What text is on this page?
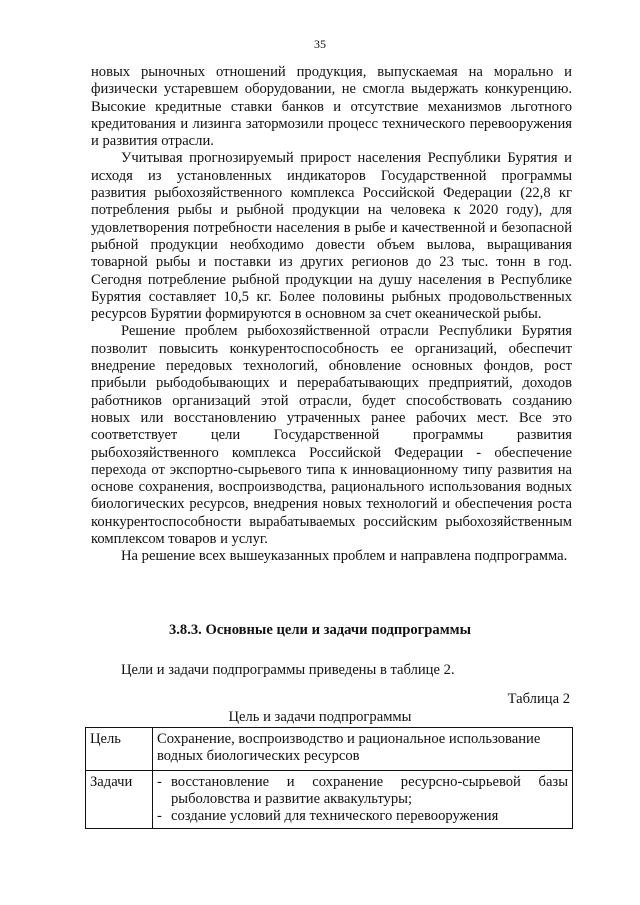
35

новых рыночных отношений продукция, выпускаемая на морально и физически устаревшем оборудовании, не смогла выдержать конкуренцию. Высокие кредитные ставки банков и отсутствие механизмов льготного кредитования и лизинга затормозили процесс технического перевооружения и развития отрасли.

Учитывая прогнозируемый прирост населения Республики Бурятия и исходя из установленных индикаторов Государственной программы развития рыбохозяйственного комплекса Российской Федерации (22,8 кг потребления рыбы и рыбной продукции на человека к 2020 году), для удовлетворения потребности населения в рыбе и качественной и безопасной рыбной продукции необходимо довести объем вылова, выращивания товарной рыбы и поставки из других регионов до 23 тыс. тонн в год. Сегодня потребление рыбной продукции на душу населения в Республике Бурятия составляет 10,5 кг. Более половины рыбных продовольственных ресурсов Бурятии формируются в основном за счет океанической рыбы.

Решение проблем рыбохозяйственной отрасли Республики Бурятия позволит повысить конкурентоспособность ее организаций, обеспечит внедрение передовых технологий, обновление основных фондов, рост прибыли рыбодобывающих и перерабатывающих предприятий, доходов работников организаций этой отрасли, будет способствовать созданию новых или восстановлению утраченных ранее рабочих мест. Все это соответствует цели Государственной программы развития рыбохозяйственного комплекса Российской Федерации - обеспечение перехода от экспортно-сырьевого типа к инновационному типу развития на основе сохранения, воспроизводства, рационального использования водных биологических ресурсов, внедрения новых технологий и обеспечения роста конкурентоспособности вырабатываемых российским рыбохозяйственным комплексом товаров и услуг.

На решение всех вышеуказанных проблем и направлена подпрограмма.

3.8.3. Основные цели и задачи подпрограммы
Цели и задачи подпрограммы приведены в таблице 2.
Таблица 2
Цель и задачи подпрограммы
Цель	Сохранение, воспроизводство и рациональное использование водных биологических ресурсов
Задачи	- восстановление и сохранение ресурсно-сырьевой базы рыболовства и развитие аквакультуры;
- создание условий для технического перевооружения
